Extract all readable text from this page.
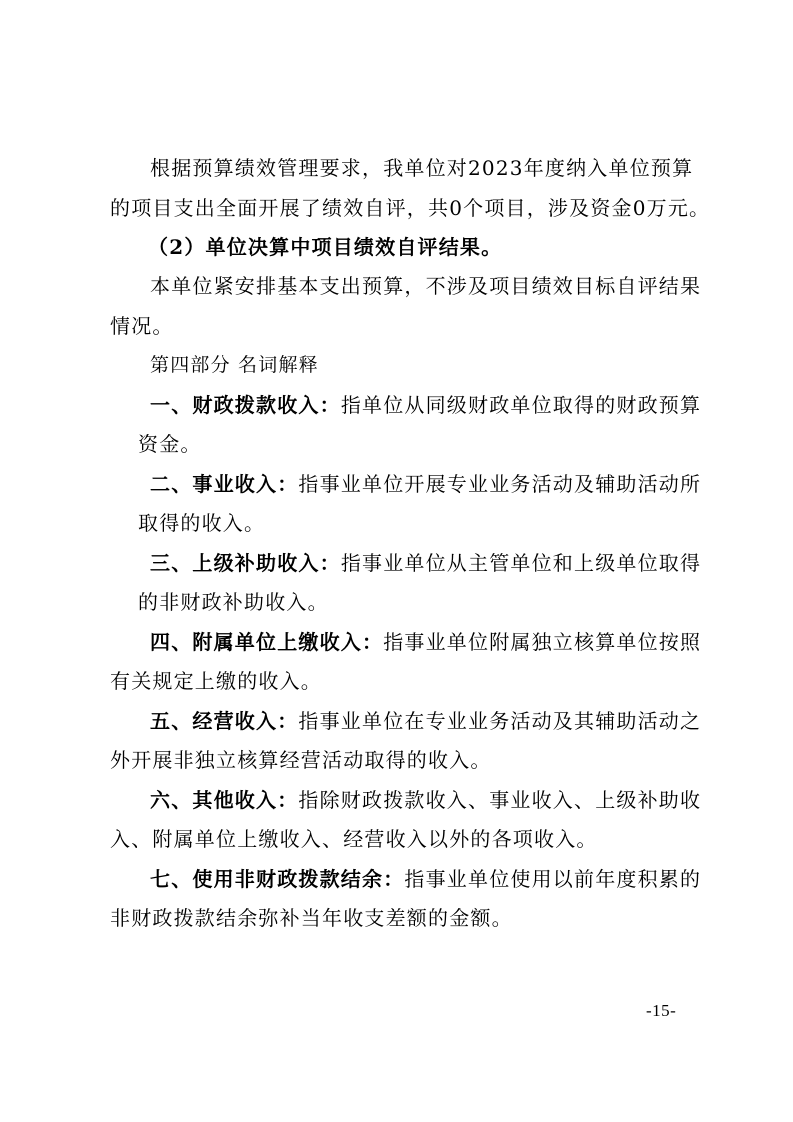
根据预算绩效管理要求，我单位对2023年度纳入单位预算
的项目支出全面开展了绩效自评，共0个项目，涉及资金0万元。
（2）单位决算中项目绩效自评结果。
本单位紧安排基本支出预算，不涉及项目绩效目标自评结果
情况。
第四部分 名词解释
一、财政拨款收入：指单位从同级财政单位取得的财政预算
资金。
二、事业收入：指事业单位开展专业业务活动及辅助活动所
取得的收入。
三、上级补助收入：指事业单位从主管单位和上级单位取得
的非财政补助收入。
四、附属单位上缴收入：指事业单位附属独立核算单位按照
有关规定上缴的收入。
五、经营收入：指事业单位在专业业务活动及其辅助活动之
外开展非独立核算经营活动取得的收入。
六、其他收入：指除财政拨款收入、事业收入、上级补助收
入、附属单位上缴收入、经营收入以外的各项收入。
七、使用非财政拨款结余：指事业单位使用以前年度积累的
非财政拨款结余弥补当年收支差额的金额。
-15-
